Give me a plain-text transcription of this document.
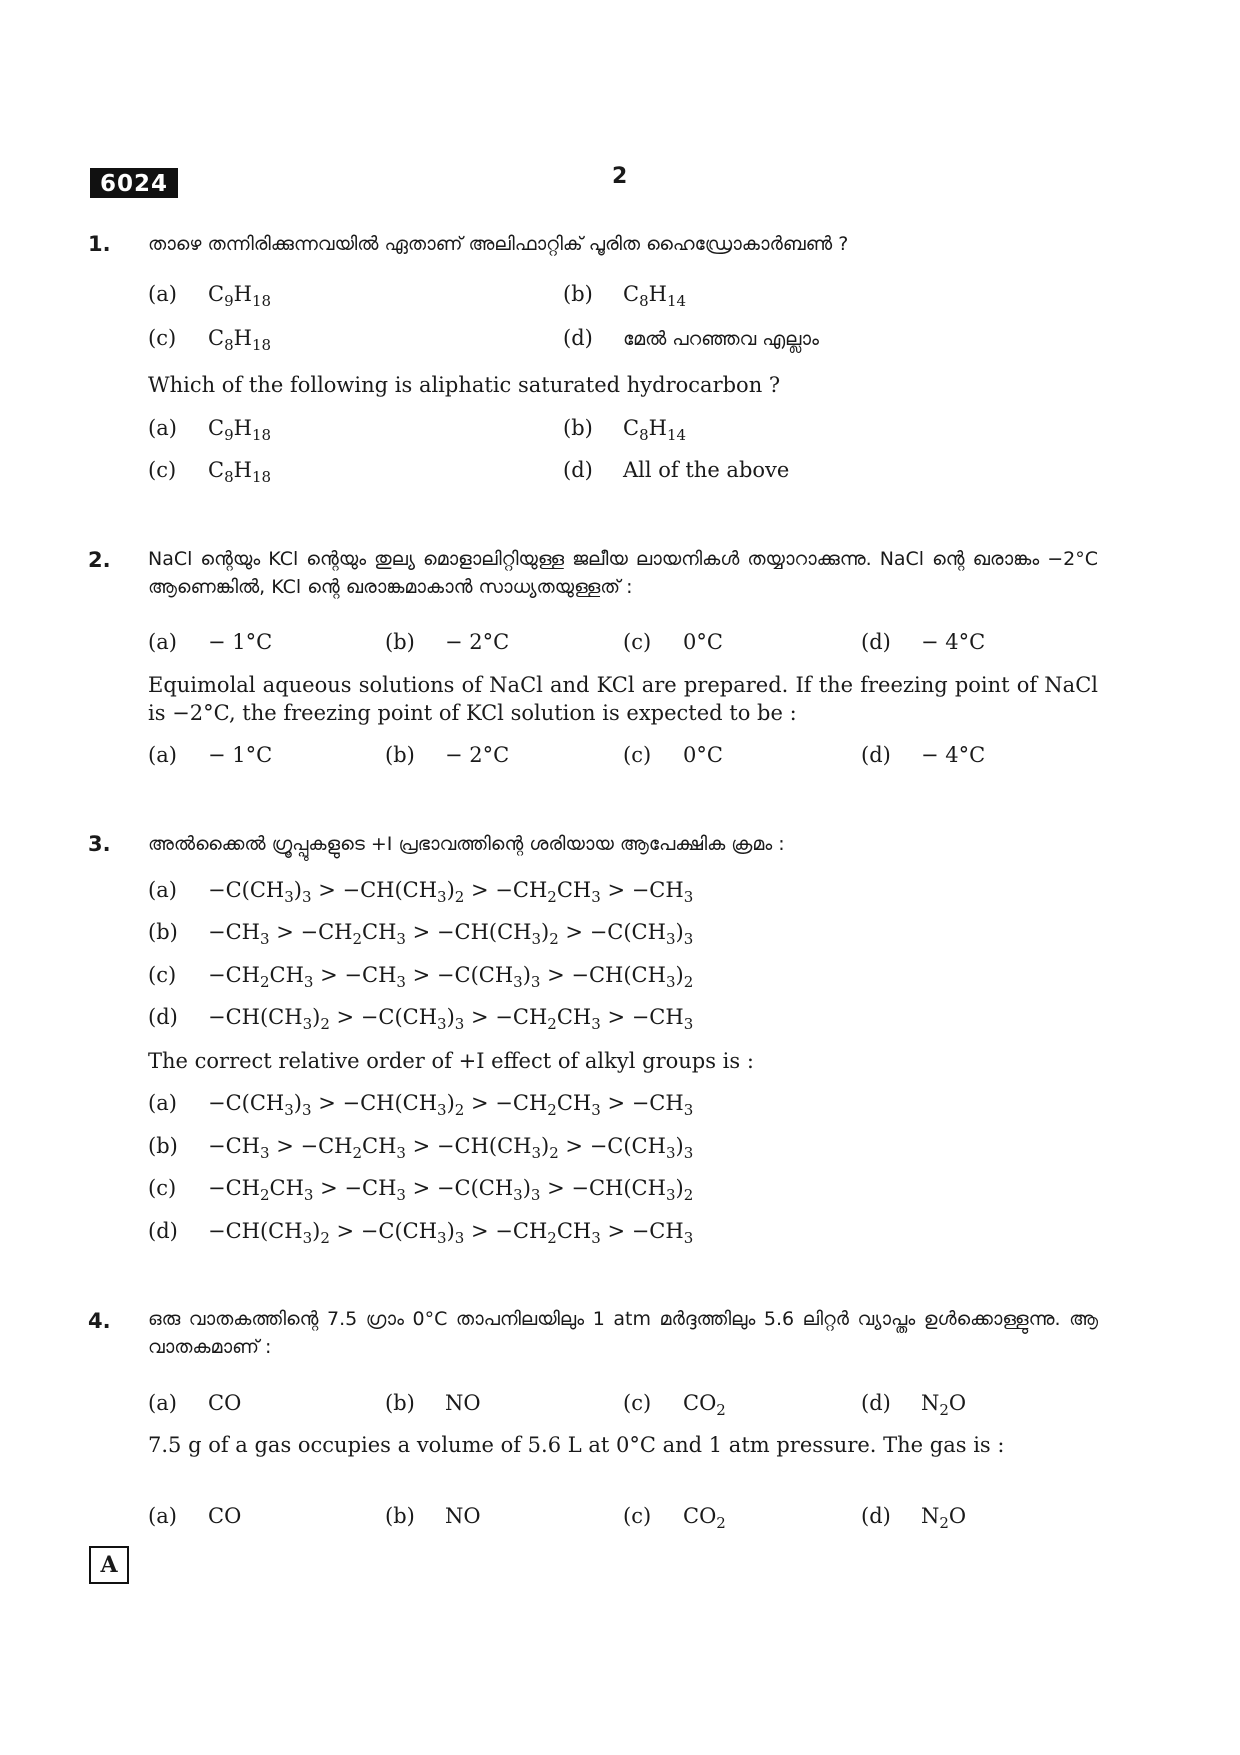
6024	2
1. താഴെ തന്നിരിക്കുന്നവയിൽ ഏതാണ് അലിഫാറ്റിക് പൂരിത ഹൈഡ്രോകാർബൺ ?
(a) $C_9H_{18}$	(b) $C_8H_{14}$
(c) $C_8H_{18}$	(d) മേൽ പറഞ്ഞവ എല്ലാം
Which of the following is aliphatic saturated hydrocarbon ?
(a) $C_9H_{18}$	(b) $C_8H_{14}$
(c) $C_8H_{18}$	(d) All of the above
2. NaCl ന്റെയും KCl ന്റെയും തുല്യ മൊളാലിറ്റിയുള്ള ജലീയ ലായനികൾ തയ്യാറാക്കുന്നു. NaCl ന്റെ ഖരാങ്കം −2°C ആണെങ്കിൽ, KCl ന്റെ ഖരാങ്കമാകാൻ സാധ്യതയുള്ളത് :
(a) − 1°C	(b) − 2°C	(c) 0°C	(d) − 4°C
Equimolal aqueous solutions of NaCl and KCl are prepared. If the freezing point of NaCl is −2°C, the freezing point of KCl solution is expected to be :
(a) − 1°C	(b) − 2°C	(c) 0°C	(d) − 4°C
3. അൽക്കൈൽ ഗ്രൂപ്പുകളുടെ +I പ്രഭാവത്തിന്റെ ശരിയായ ആപേക്ഷിക ക്രമം :
$(a) -C(CH_3)_3 > -CH(CH_3)_2 > -CH_2CH_3 > -CH_3$
$(b) -CH_3 > -CH_2CH_3 > -CH(CH_3)_2 > -C(CH_3)_3$
$(c) -CH_2CH_3 > -CH_3 > -C(CH_3)_3 > -CH(CH_3)_2$
$(d) -CH(CH_3)_2 > -C(CH_3)_3 > -CH_2CH_3 > -CH_3$
The correct relative order of +I effect of alkyl groups is :
$(a) -C(CH_3)_3 > -CH(CH_3)_2 > -CH_2CH_3 > -CH_3$
$(b) -CH_3 > -CH_2CH_3 > -CH(CH_3)_2 > -C(CH_3)_3$
$(c) -CH_2CH_3 > -CH_3 > -C(CH_3)_3 > -CH(CH_3)_2$
$(d) -CH(CH_3)_2 > -C(CH_3)_3 > -CH_2CH_3 > -CH_3$
4. ഒരു വാതകത്തിന്റെ 7.5 ഗ്രാം 0°C താപനിലയിലും 1 atm മർദ്ദത്തിലും 5.6 ലിറ്റർ വ്യാപ്തം ഉൾക്കൊള്ളുന്നു. ആ വാതകമാണ് :
(a) CO	(b) NO	(c) $CO_2$	(d) $N_2O$
7.5 g of a gas occupies a volume of 5.6 L at 0°C and 1 atm pressure. The gas is :
(a) CO	(b) NO	(c) $CO_2$	(d) $N_2O$
A
